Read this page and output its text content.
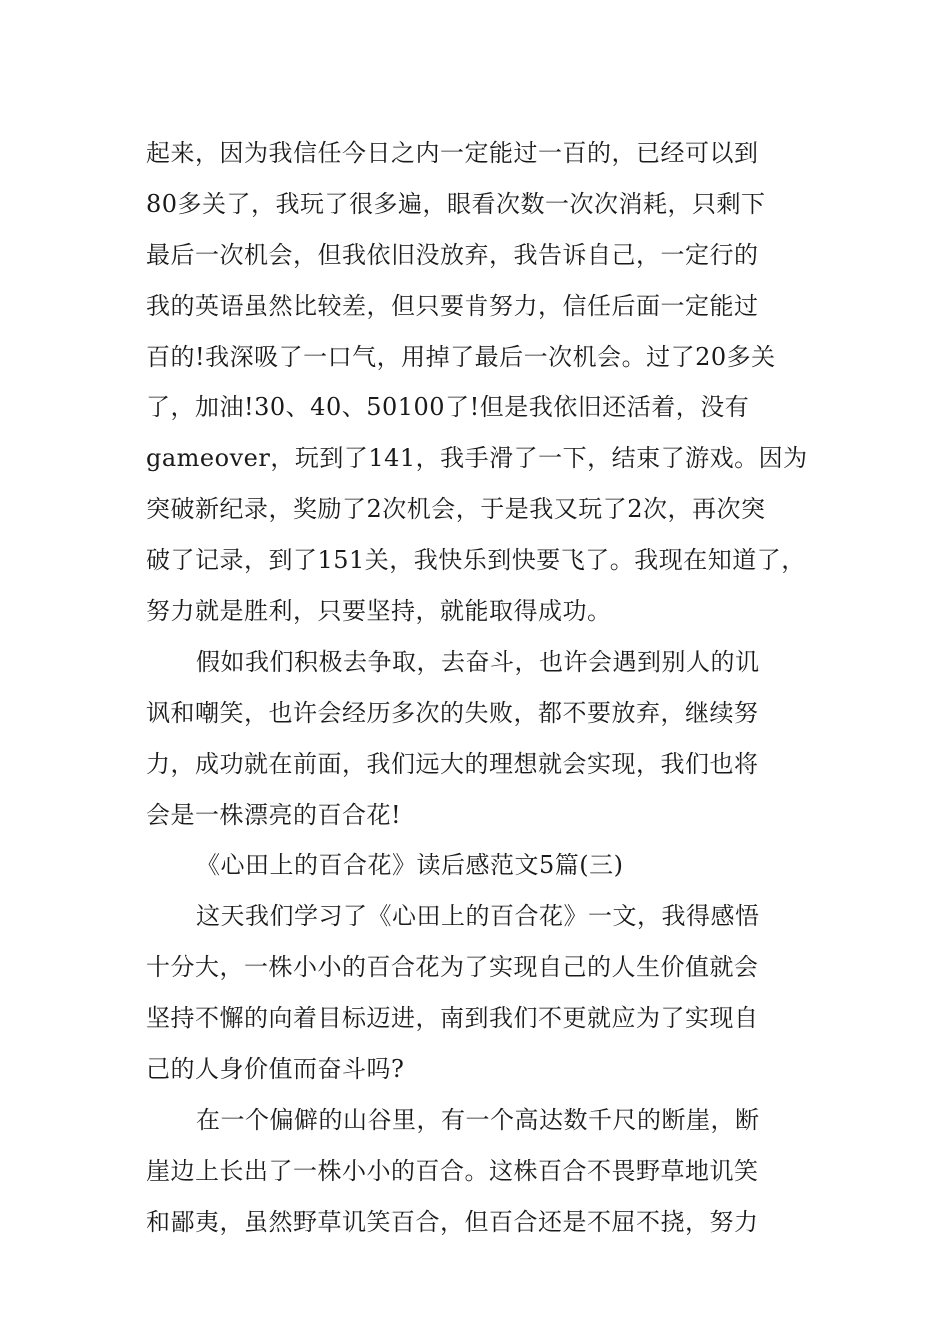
起来，因为我信任今日之内一定能过一百的，已经可以到
80多关了，我玩了很多遍，眼看次数一次次消耗，只剩下
最后一次机会，但我依旧没放弃，我告诉自己，一定行的
我的英语虽然比较差，但只要肯努力，信任后面一定能过
百的!我深吸了一口气，用掉了最后一次机会。过了20多关
了，加油!30、40、50100了!但是我依旧还活着，没有
gameover，玩到了141，我手滑了一下，结束了游戏。因为
突破新纪录，奖励了2次机会，于是我又玩了2次，再次突
破了记录，到了151关，我快乐到快要飞了。我现在知道了，
努力就是胜利，只要坚持，就能取得成功。
假如我们积极去争取，去奋斗，也许会遇到别人的讥
讽和嘲笑，也许会经历多次的失败，都不要放弃，继续努
力，成功就在前面，我们远大的理想就会实现，我们也将
会是一株漂亮的百合花!
《心田上的百合花》读后感范文5篇(三)
这天我们学习了《心田上的百合花》一文，我得感悟
十分大，一株小小的百合花为了实现自己的人生价值就会
坚持不懈的向着目标迈进，南到我们不更就应为了实现自
己的人身价值而奋斗吗?
在一个偏僻的山谷里，有一个高达数千尺的断崖，断
崖边上长出了一株小小的百合。这株百合不畏野草地讥笑
和鄙夷，虽然野草讥笑百合，但百合还是不屈不挠，努力
